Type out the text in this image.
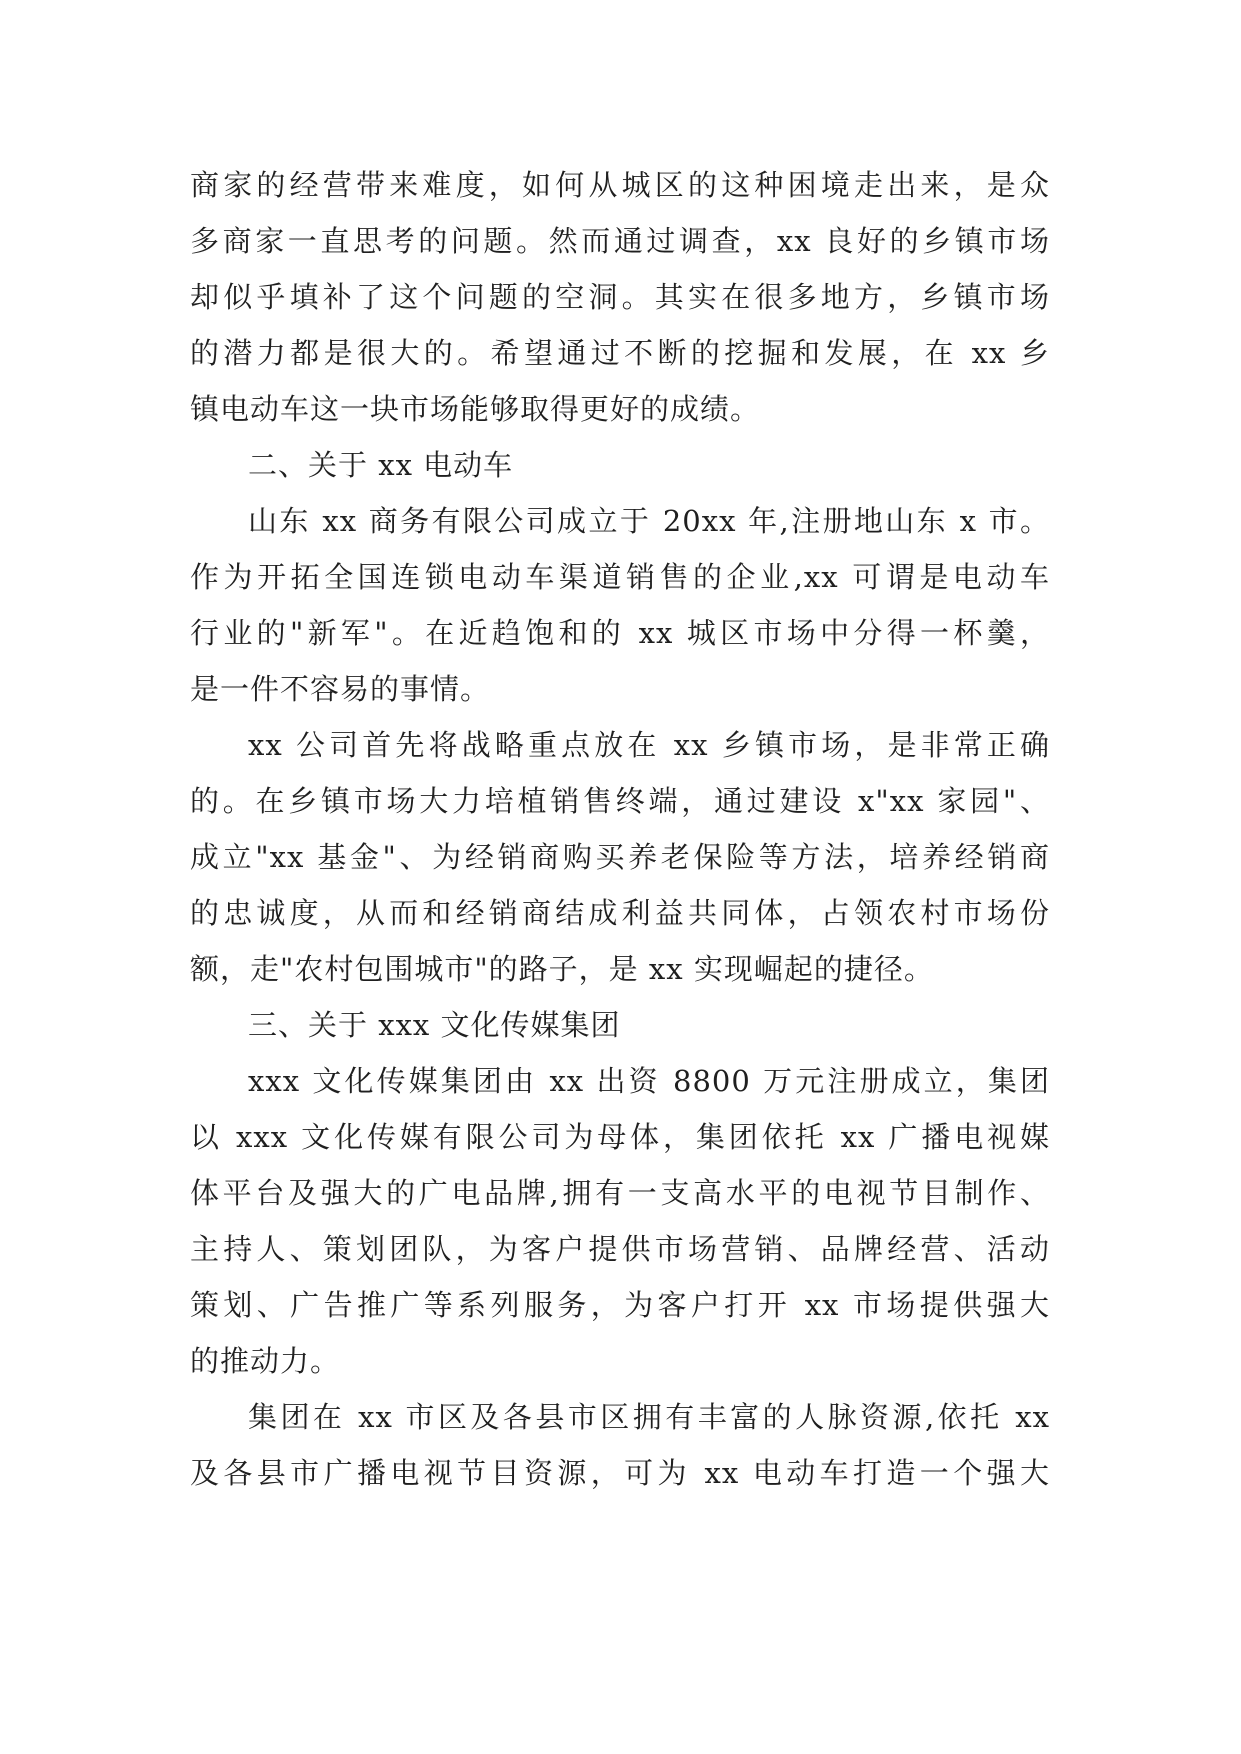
商家的经营带来难度，如何从城区的这种困境走出来，是众
多商家一直思考的问题。然而通过调查，xx 良好的乡镇市场
却似乎填补了这个问题的空洞。其实在很多地方，乡镇市场
的潜力都是很大的。希望通过不断的挖掘和发展，在 xx 乡
镇电动车这一块市场能够取得更好的成绩。
二、关于 xx 电动车
山东 xx 商务有限公司成立于 20xx 年,注册地山东 x 市。
作为开拓全国连锁电动车渠道销售的企业,xx 可谓是电动车
行业的"新军"。在近趋饱和的 xx 城区市场中分得一杯羹，
是一件不容易的事情。
xx 公司首先将战略重点放在 xx 乡镇市场，是非常正确
的。在乡镇市场大力培植销售终端，通过建设 x"xx 家园"、
成立"xx 基金"、为经销商购买养老保险等方法，培养经销商
的忠诚度，从而和经销商结成利益共同体，占领农村市场份
额，走"农村包围城市"的路子，是 xx 实现崛起的捷径。
三、关于 xxx 文化传媒集团
xxx 文化传媒集团由 xx 出资 8800 万元注册成立，集团
以 xxx 文化传媒有限公司为母体，集团依托 xx 广播电视媒
体平台及强大的广电品牌,拥有一支高水平的电视节目制作、
主持人、策划团队，为客户提供市场营销、品牌经营、活动
策划、广告推广等系列服务，为客户打开 xx 市场提供强大
的推动力。
集团在 xx 市区及各县市区拥有丰富的人脉资源,依托 xx
及各县市广播电视节目资源，可为 xx 电动车打造一个强大
